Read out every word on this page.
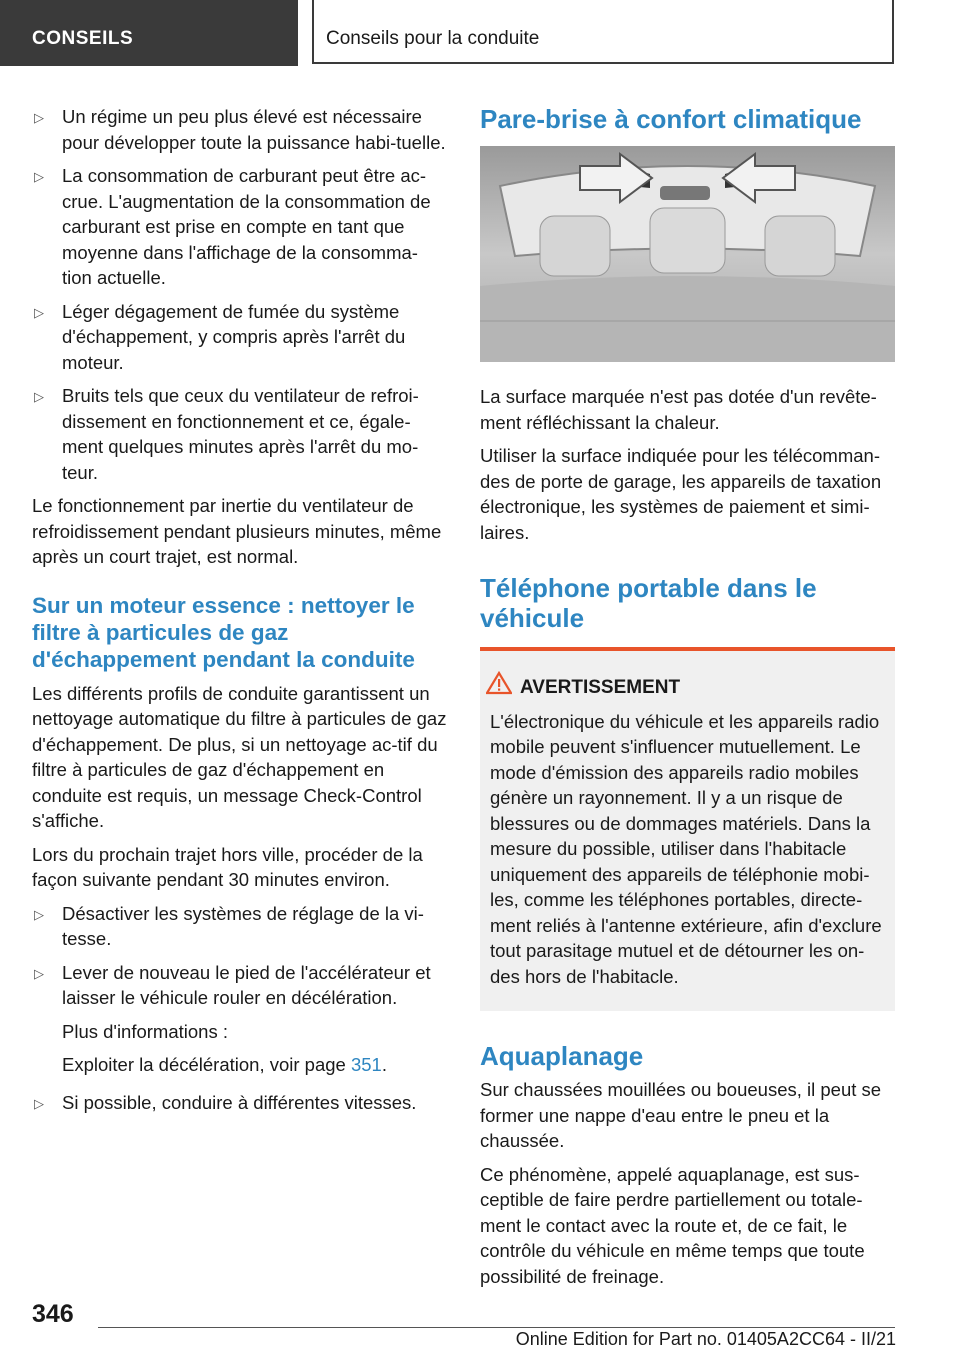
CONSEILS	Conseils pour la conduite
▷ Un régime un peu plus élevé est nécessaire pour développer toute la puissance habi-tuelle.
▷ La consommation de carburant peut être ac-crue. L'augmentation de la consommation de carburant est prise en compte en tant que moyenne dans l'affichage de la consomma-tion actuelle.
▷ Léger dégagement de fumée du système d'échappement, y compris après l'arrêt du moteur.
▷ Bruits tels que ceux du ventilateur de refroi-dissement en fonctionnement et ce, égale-ment quelques minutes après l'arrêt du mo-teur.

Le fonctionnement par inertie du ventilateur de refroidissement pendant plusieurs minutes, même après un court trajet, est normal.

Sur un moteur essence : nettoyer le filtre à particules de gaz d'échappement pendant la conduite

Les différents profils de conduite garantissent un nettoyage automatique du filtre à particules de gaz d'échappement. De plus, si un nettoyage ac-tif du filtre à particules de gaz d'échappement en conduite est requis, un message Check-Control s'affiche.

Lors du prochain trajet hors ville, procéder de la façon suivante pendant 30 minutes environ.

▷ Désactiver les systèmes de réglage de la vi-tesse.
▷ Lever de nouveau le pied de l'accélérateur et laisser le véhicule rouler en décélération.

Plus d'informations :

Exploiter la décélération, voir page 351.

▷ Si possible, conduire à différentes vitesses.
Pare-brise à confort climatique

La surface marquée n'est pas dotée d'un revête-ment réfléchissant la chaleur.

Utiliser la surface indiquée pour les télécomman-des de porte de garage, les appareils de taxation électronique, les systèmes de paiement et simi-laires.

Téléphone portable dans le véhicule
AVERTISSEMENT

L'électronique du véhicule et les appareils radio mobile peuvent s'influencer mutuellement. Le mode d'émission des appareils radio mobiles génère un rayonnement. Il y a un risque de blessures ou de dommages matériels. Dans la mesure du possible, utiliser dans l'habitacle uniquement des appareils de téléphonie mobi-les, comme les téléphones portables, directe-ment reliés à l'antenne extérieure, afin d'exclure tout parasitage mutuel et de détourner les on-des hors de l'habitacle.

Aquaplanage

Sur chaussées mouillées ou boueuses, il peut se former une nappe d'eau entre le pneu et la chaussée.

Ce phénomène, appelé aquaplanage, est sus-ceptible de faire perdre partiellement ou totale-ment le contact avec la route et, de ce fait, le contrôle du véhicule en même temps que toute possibilité de freinage.

346
Online Edition for Part no. 01405A2CC64 - II/21
